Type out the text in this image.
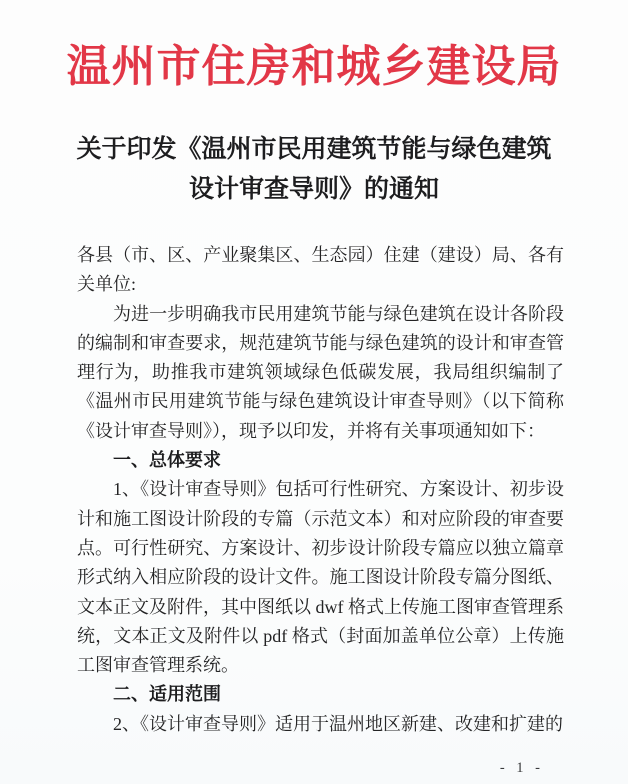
温州市住房和城乡建设局
关于印发《温州市民用建筑节能与绿色建筑
设计审查导则》的通知

各县（市、区、产业聚集区、生态园）住建（建设）局、各有关单位:

为进一步明确我市民用建筑节能与绿色建筑在设计各阶段的编制和审查要求，规范建筑节能与绿色建筑的设计和审查管理行为，助推我市建筑领域绿色低碳发展，我局组织编制了《温州市民用建筑节能与绿色建筑设计审查导则》（以下简称《设计审查导则》），现予以印发，并将有关事项通知如下：

一、总体要求

1、《设计审查导则》包括可行性研究、方案设计、初步设计和施工图设计阶段的专篇（示范文本）和对应阶段的审查要点。可行性研究、方案设计、初步设计阶段专篇应以独立篇章形式纳入相应阶段的设计文件。施工图设计阶段专篇分图纸、文本正文及附件，其中图纸以 dwf 格式上传施工图审查管理系统，文本正文及附件以 pdf 格式（封面加盖单位公章）上传施工图审查管理系统。

二、适用范围

2、《设计审查导则》适用于温州地区新建、改建和扩建的

- 1 -
